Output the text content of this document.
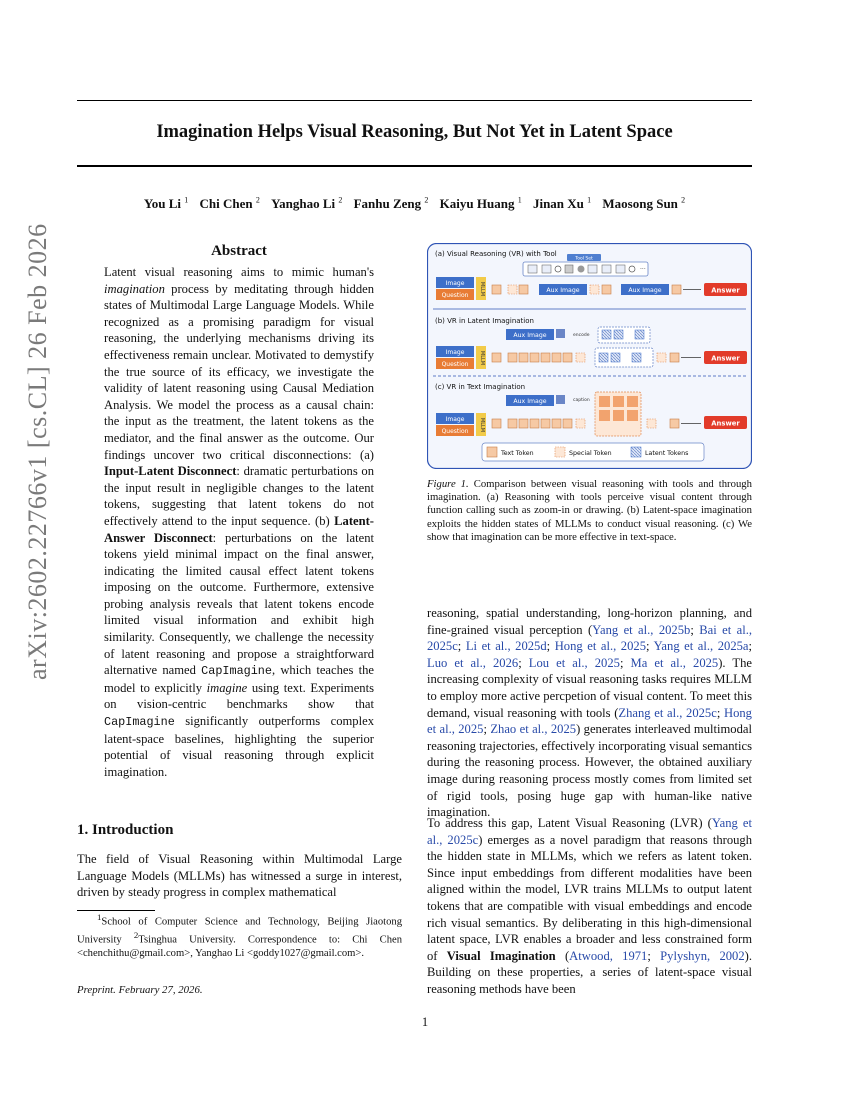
Imagination Helps Visual Reasoning, But Not Yet in Latent Space
You Li $^1$ Chi Chen $^2$ Yanghao Li $^2$ Fanhu Zeng $^2$ Kaiyu Huang $^1$ Jinan Xu $^1$ Maosong Sun $^2$
arXiv:2602.22766v1 [cs.CL] 26 Feb 2026	Abstract

Latent visual reasoning aims to mimic human's imagination process by meditating through hidden states of Multimodal Large Language Models. While recognized as a promising paradigm for visual reasoning, the underlying mechanisms driving its effectiveness remain unclear. Motivated to demystify the true source of its efficacy, we investigate the validity of latent reasoning using Causal Mediation Analysis. We model the process as a causal chain: the input as the treatment, the latent tokens as the mediator, and the final answer as the outcome. Our findings uncover two critical disconnections: (a) Input-Latent Disconnect: dramatic perturbations on the input result in negligible changes to the latent tokens, suggesting that latent tokens do not effectively attend to the input sequence. (b) Latent-Answer Disconnect: perturbations on the latent tokens yield minimal impact on the final answer, indicating the limited causal effect latent tokens imposing on the outcome. Furthermore, extensive probing analysis reveals that latent tokens encode limited visual information and exhibit high similarity. Consequently, we challenge the necessity of latent reasoning and propose a straightforward alternative named CapImagine, which teaches the model to explicitly imagine using text. Experiments on vision-centric benchmarks show that CapImagine significantly outperforms complex latent-space baselines, highlighting the superior potential of visual reasoning through explicit imagination.

1. Introduction
The field of Visual Reasoning within Multimodal Large Language Models (MLLMs) has witnessed a surge in interest, driven by steady progress in complex mathematical
$^1$School of Computer Science and Technology, Beijing Jiaotong University $^2$Tsinghua University. Correspondence to: Chi Chen <chenchithu@gmail.com>, Yanghao Li <goddy1027@gmail.com>.
Preprint. February 27, 2026.
(a) Visual Reasoning (VR) with Tool
Tool Set
···
Image
Question MLLM	Aux Image	Aux Image	Answer
(b) VR in Latent Imagination
Aux Image	encode
Image
Question MLLM	Answer
(c) VR in Text Imagination
Aux Image	caption
Image
Question MLLM	Answer
Text Token	Special Token	Latent Tokens
Figure 1. Comparison between visual reasoning with tools and through imagination. (a) Reasoning with tools perceive visual content through function calling such as zoom-in or drawing. (b) Latent-space imagination exploits the hidden states of MLLMs to conduct visual reasoning. (c) We show that imagination can be more effective in text-space.

reasoning, spatial understanding, long-horizon planning, and fine-grained visual perception (Yang et al., 2025b; Bai et al., 2025c; Li et al., 2025d; Hong et al., 2025; Yang et al., 2025a; Luo et al., 2026; Lou et al., 2025; Ma et al., 2025). The increasing complexity of visual reasoning tasks requires MLLM to employ more active percpetion of visual content. To meet this demand, visual reasoning with tools (Zhang et al., 2025c; Hong et al., 2025; Zhao et al., 2025) generates interleaved multimodal reasoning trajectories, effectively incorporating visual semantics during the reasoning process. However, the obtained auxiliary image during reasoning process mostly comes from limited set of rigid tools, posing huge gap with human-like native imagination.

To address this gap, Latent Visual Reasoning (LVR) (Yang et al., 2025c) emerges as a novel paradigm that reasons through the hidden state in MLLMs, which we refers as latent token. Since input embeddings from different modalities have been aligned within the model, LVR trains MLLMs to output latent tokens that are compatible with visual embeddings and encode rich visual semantics. By deliberating in this high-dimensional latent space, LVR enables a broader and less constrained form of Visual Imagination (Atwood, 1971; Pylyshyn, 2002). Building on these properties, a series of latent-space visual reasoning methods have been

1
